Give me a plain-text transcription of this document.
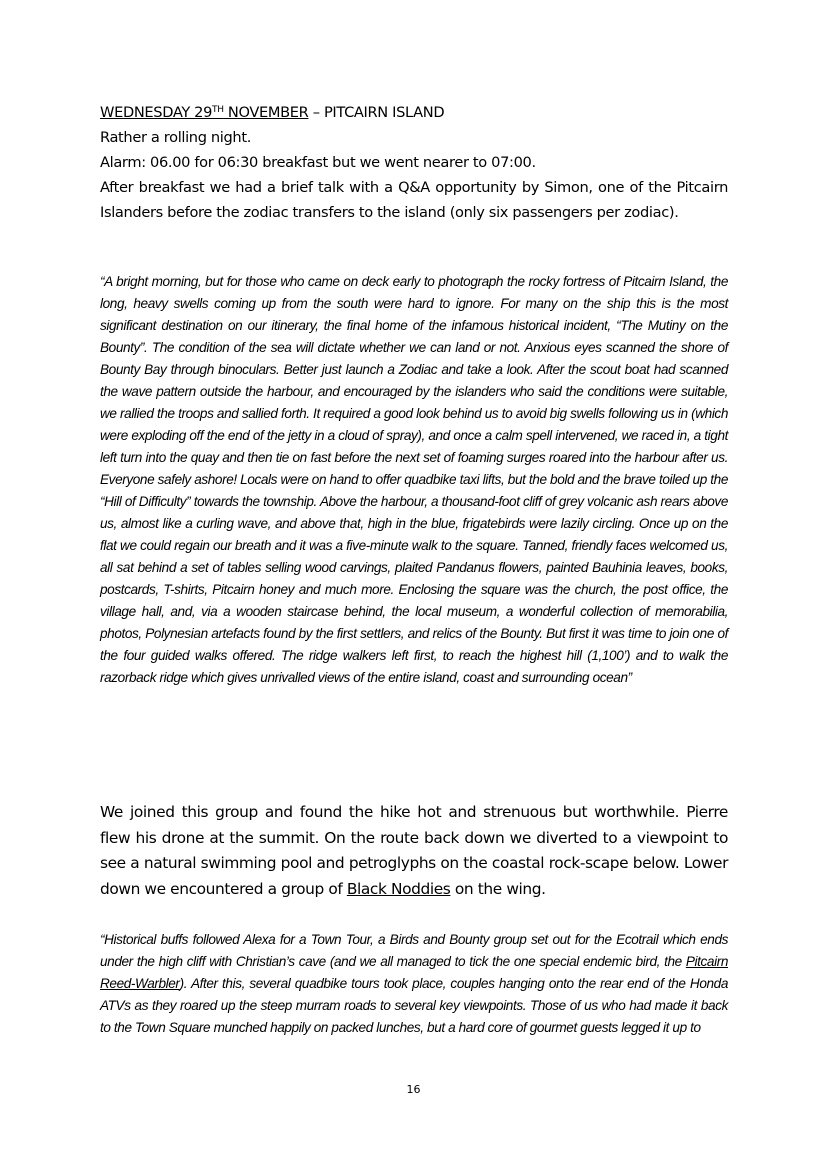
WEDNESDAY 29TH NOVEMBER – PITCAIRN ISLAND
Rather a rolling night.
Alarm: 06.00 for 06:30 breakfast but we went nearer to 07:00.
After breakfast we had a brief talk with a Q&A opportunity by Simon, one of the Pitcairn Islanders before the zodiac transfers to the island (only six passengers per zodiac).
“A bright morning, but for those who came on deck early to photograph the rocky fortress of Pitcairn Island, the long, heavy swells coming up from the south were hard to ignore. For many on the ship this is the most significant destination on our itinerary, the final home of the infamous historical incident, “The Mutiny on the Bounty”. The condition of the sea will dictate whether we can land or not. Anxious eyes scanned the shore of Bounty Bay through binoculars. Better just launch a Zodiac and take a look. After the scout boat had scanned the wave pattern outside the harbour, and encouraged by the islanders who said the conditions were suitable, we rallied the troops and sallied forth. It required a good look behind us to avoid big swells following us in (which were exploding off the end of the jetty in a cloud of spray), and once a calm spell intervened, we raced in, a tight left turn into the quay and then tie on fast before the next set of foaming surges roared into the harbour after us. Everyone safely ashore! Locals were on hand to offer quadbike taxi lifts, but the bold and the brave toiled up the “Hill of Difficulty” towards the township. Above the harbour, a thousand-foot cliff of grey volcanic ash rears above us, almost like a curling wave, and above that, high in the blue, frigatebirds were lazily circling. Once up on the flat we could regain our breath and it was a five-minute walk to the square. Tanned, friendly faces welcomed us, all sat behind a set of tables selling wood carvings, plaited Pandanus flowers, painted Bauhinia leaves, books, postcards, T-shirts, Pitcairn honey and much more. Enclosing the square was the church, the post office, the village hall, and, via a wooden staircase behind, the local museum, a wonderful collection of memorabilia, photos, Polynesian artefacts found by the first settlers, and relics of the Bounty. But first it was time to join one of the four guided walks offered. The ridge walkers left first, to reach the highest hill (1,100’) and to walk the razorback ridge which gives unrivalled views of the entire island, coast and surrounding ocean”
We joined this group and found the hike hot and strenuous but worthwhile. Pierre flew his drone at the summit. On the route back down we diverted to a viewpoint to see a natural swimming pool and petroglyphs on the coastal rock-scape below. Lower down we encountered a group of Black Noddies on the wing.
“Historical buffs followed Alexa for a Town Tour, a Birds and Bounty group set out for the Ecotrail which ends under the high cliff with Christian’s cave (and we all managed to tick the one special endemic bird, the Pitcairn Reed-Warbler). After this, several quadbike tours took place, couples hanging onto the rear end of the Honda ATVs as they roared up the steep murram roads to several key viewpoints. Those of us who had made it back to the Town Square munched happily on packed lunches, but a hard core of gourmet guests legged it up to
16
